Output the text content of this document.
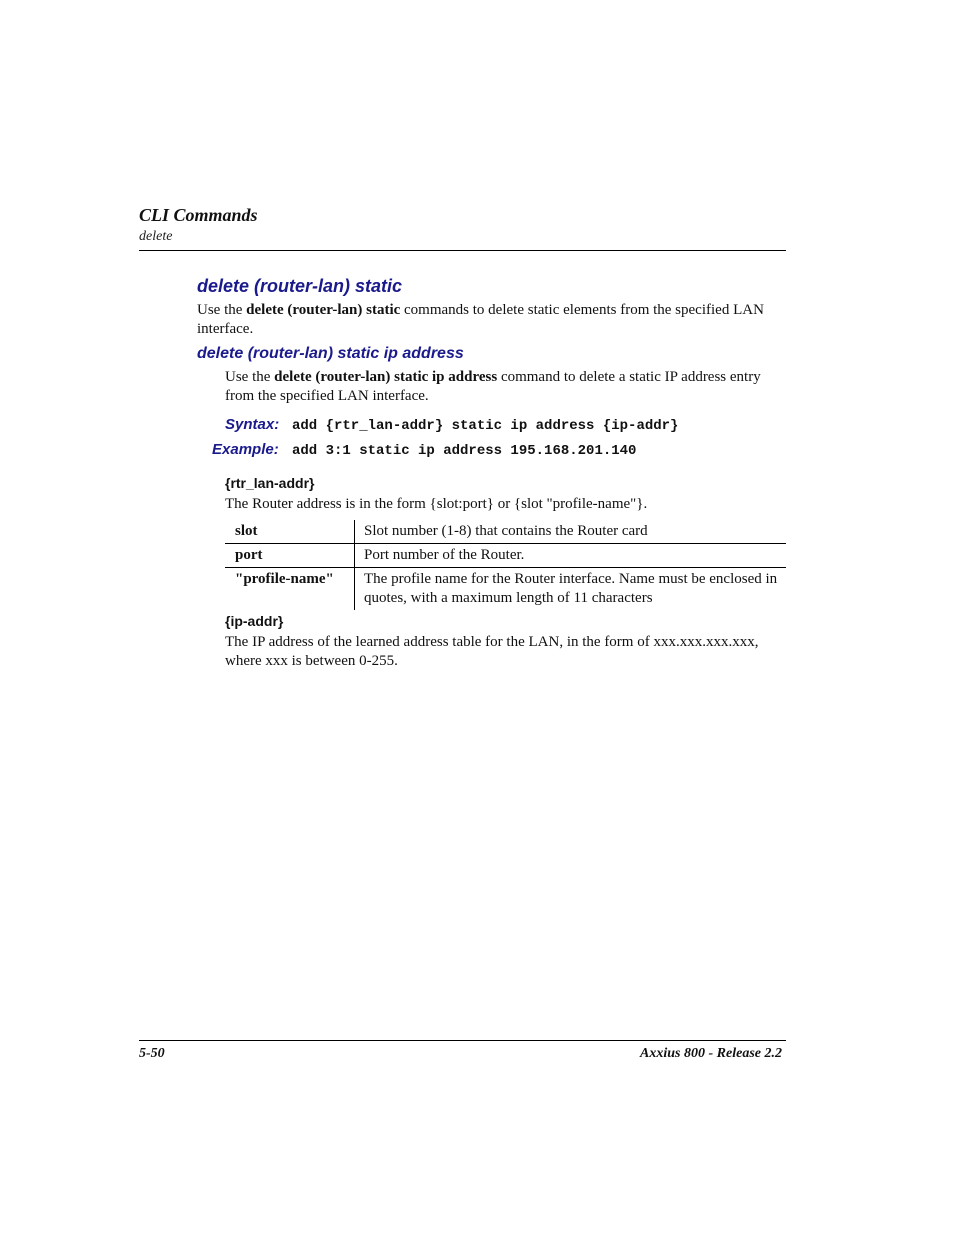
CLI Commands
delete
delete (router-lan) static
Use the delete (router-lan) static commands to delete static elements from the specified LAN interface.
delete (router-lan) static ip address
Use the delete (router-lan) static ip address command to delete a static IP address entry from the specified LAN interface.
Syntax: add {rtr_lan-addr} static ip address {ip-addr}
Example: add 3:1 static ip address 195.168.201.140
{rtr_lan-addr}
The Router address is in the form {slot:port} or {slot "profile-name"}.
slot	Slot number (1-8) that contains the Router card
port	Port number of the Router.
"profile-name"	The profile name for the Router interface. Name must be enclosed in quotes, with a maximum length of 11 characters
{ip-addr}
The IP address of the learned address table for the LAN, in the form of xxx.xxx.xxx.xxx, where xxx is between 0-255.
5-50	Axxius 800 - Release 2.2
